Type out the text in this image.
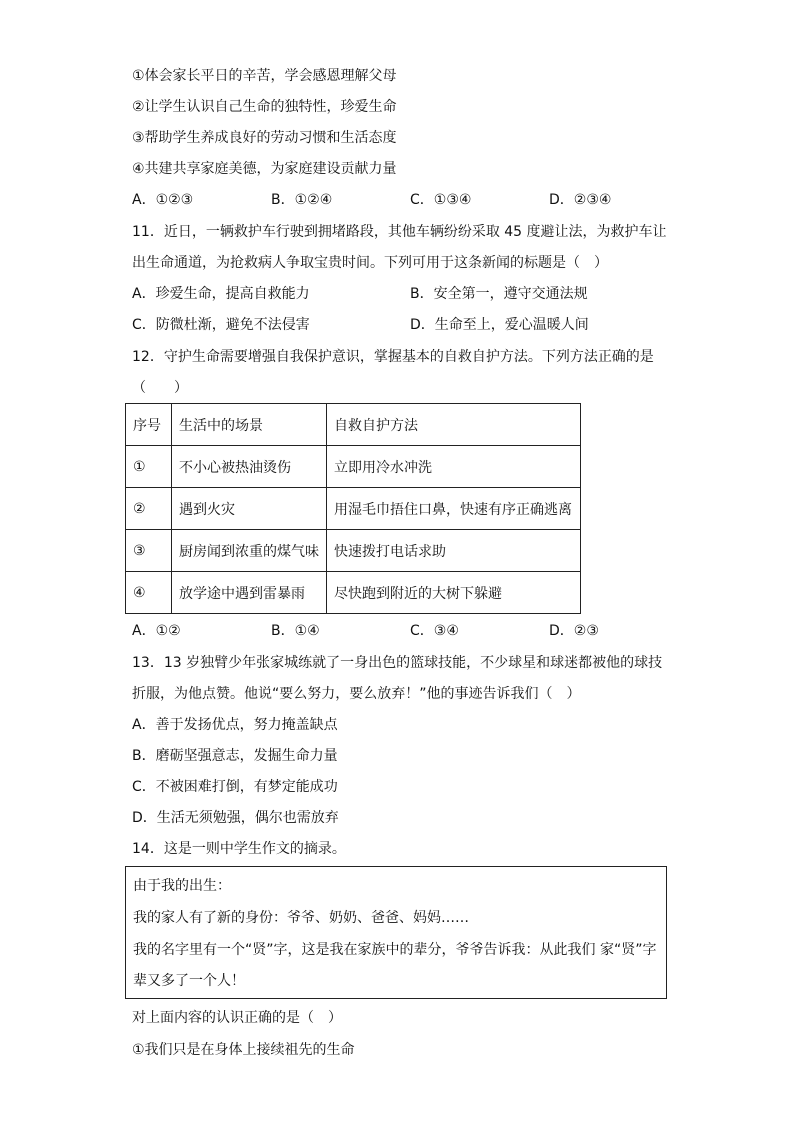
①体会家长平日的辛苦，学会感恩理解父母
②让学生认识自己生命的独特性，珍爱生命
③帮助学生养成良好的劳动习惯和生活态度
④共建共享家庭美德，为家庭建设贡献力量
A．①②③	B．①②④	C．①③④	D．②③④
11．近日，一辆救护车行驶到拥堵路段，其他车辆纷纷采取 45 度避让法，为救护车让
出生命通道，为抢救病人争取宝贵时间。下列可用于这条新闻的标题是（　）
A．珍爱生命，提高自救能力	B．安全第一，遵守交通法规
C．防微杜渐，避免不法侵害	D．生命至上，爱心温暖人间
12．守护生命需要增强自我保护意识，掌握基本的自救自护方法。下列方法正确的是
（　　）
序号	生活中的场景	自救自护方法
①	不小心被热油烫伤	立即用冷水冲洗
②	遇到火灾	用湿毛巾捂住口鼻，快速有序正确逃离
③	厨房闻到浓重的煤气味	快速拨打电话求助
④	放学途中遇到雷暴雨	尽快跑到附近的大树下躲避
A．①②	B．①④	C．③④	D．②③
13．13 岁独臂少年张家城练就了一身出色的篮球技能，不少球星和球迷都被他的球技
折服，为他点赞。他说“要么努力，要么放弃！”他的事迹告诉我们（　）
A．善于发扬优点，努力掩盖缺点
B．磨砺坚强意志，发掘生命力量
C．不被困难打倒，有梦定能成功
D．生活无须勉强，偶尔也需放弃
14．这是一则中学生作文的摘录。
由于我的出生：
我的家人有了新的身份：爷爷、奶奶、爸爸、妈妈……
我的名字里有一个“贤”字，这是我在家族中的辈分，爷爷告诉我：从此我们 家“贤”字
辈又多了一个人！
对上面内容的认识正确的是（　）
①我们只是在身体上接续祖先的生命
